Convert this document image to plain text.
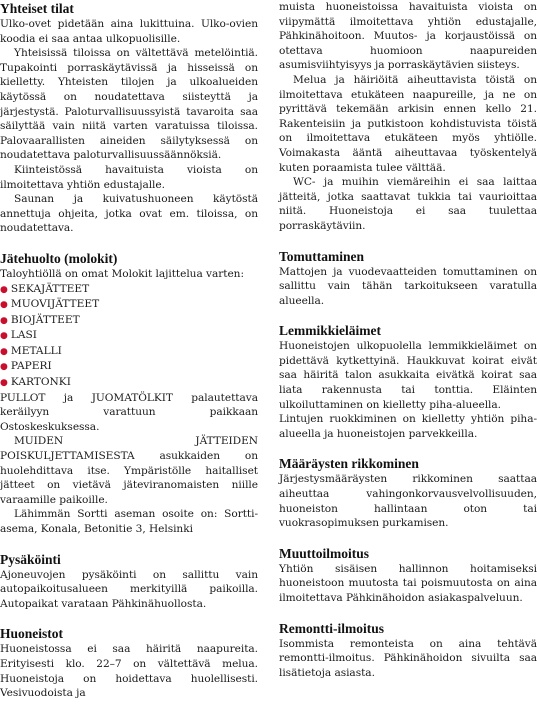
Yhteiset tilat

Ulko-ovet pidetään aina lukittuina. Ulko-ovien koodia ei saa antaa ulkopuolisille.

Yhteisissä tiloissa on vältettävä metelöintiä. Tupakointi porraskäytävissä ja hisseissä on kielletty. Yhteisten tilojen ja ulkoalueiden käytössä on noudatettava siisteyttä ja järjestystä. Paloturvallisuussyistä tavaroita saa säilyttää vain niitä varten varatuissa tiloissa. Palovaarallisten aineiden säilytyksessä on noudatettava paloturvallisuussäännöksiä.

Kiinteistössä havaituista vioista on ilmoitettava yhtiön edustajalle.

Saunan ja kuivatushuoneen käytöstä annettuja ohjeita, jotka ovat em. tiloissa, on noudatettava.

Jätehuolto (molokit)

Taloyhtiöllä on omat Molokit lajittelua varten:

● SEKAJÄTTEET
● MUOVIJÄTTEET
● BIOJÄTTEET
● LASI
● METALLI
● PAPERI
● KARTONKI

PULLOT ja JUOMATÖLKIT palautettava keräilyyn varattuun paikkaan Ostoskeskuksessa.

MUIDEN JÄTTEIDEN POISKULJETTAMISESTA asukkaiden on huolehdittava itse. Ympäristölle haitalliset jätteet on vietävä jäteviranomaisten niille varaamille paikoille.

Lähimmän Sortti aseman osoite on: Sortti-asema, Konala, Betonitie 3, Helsinki

Pysäköinti

Ajoneuvojen pysäköinti on sallittu vain autopaikoitusalueen merkityillä paikoilla. Autopaikat varataan Pähkinähuollosta.

Huoneistot

Huoneistossa ei saa häiritä naapureita. Erityisesti klo. 22–7 on vältettävä melua. Huoneistoja on hoidettava huolellisesti. Vesivuodoista ja

muista huoneistoissa havaituista vioista on viipymättä ilmoitettava yhtiön edustajalle, Pähkinähoitoon. Muutos- ja korjaustöissä on otettava huomioon naapureiden asumisviihtyisyys ja porraskäytävien siisteys.

Melua ja häiriöitä aiheuttavista töistä on ilmoitettava etukäteen naapureille, ja ne on pyrittävä tekemään arkisin ennen kello 21. Rakenteisiin ja putkistoon kohdistuvista töistä on ilmoitettava etukäteen myös yhtiölle. Voimakasta ääntä aiheuttavaa työskentelyä kuten poraamista tulee välttää.

WC- ja muihin viemäreihin ei saa laittaa jätteitä, jotka saattavat tukkia tai vaurioittaa niitä. Huoneistoja ei saa tuulettaa porraskäytäviin.

Tomuttaminen

Mattojen ja vuodevaatteiden tomuttaminen on sallittu vain tähän tarkoitukseen varatulla alueella.

Lemmikkieläimet

Huoneistojen ulkopuolella lemmikkieläimet on pidettävä kytkettyinä. Haukkuvat koirat eivät saa häiritä talon asukkaita eivätkä koirat saa liata rakennusta tai tonttia. Eläinten ulkoiluttaminen on kielletty piha-alueella.

Lintujen ruokkiminen on kielletty yhtiön piha-alueella ja huoneistojen parvekkeilla.

Määräysten rikkominen

Järjestysmääräysten rikkominen saattaa aiheuttaa vahingonkorvausvelvollisuuden, huoneiston hallintaan oton tai vuokrasopimuksen purkamisen.

Muuttoilmoitus

Yhtiön sisäisen hallinnon hoitamiseksi huoneistoon muutosta tai poismuutosta on aina ilmoitettava Pähkinähoidon asiakaspalveluun.

Remontti-ilmoitus

Isommista remonteista on aina tehtävä remontti-ilmoitus. Pähkinähoidon sivuilta saa lisätietoja asiasta.
